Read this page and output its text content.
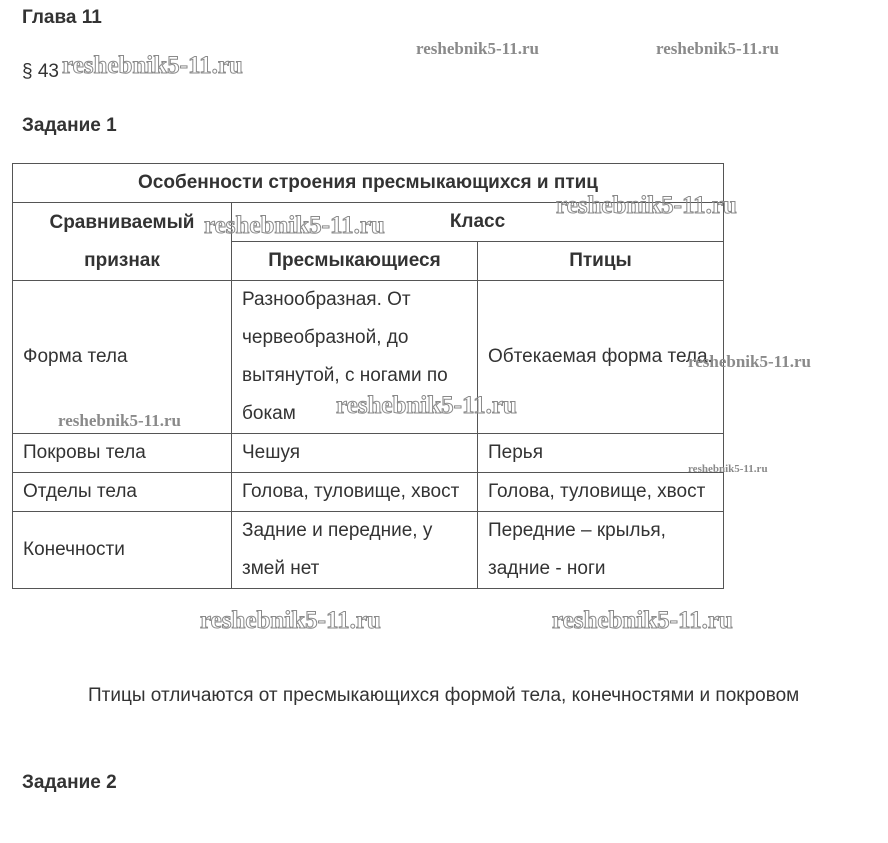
Глава 11
§ 43
Задание 1
Особенности строения пресмыкающихся и птиц		
Сравниваемый признак	Класс	
	Пресмыкающиеся	Птицы
Форма тела	Разнообразная. От червеобразной, до вытянутой, с ногами по бокам	Обтекаемая форма тела.
Покровы тела	Чешуя	Перья
Отделы тела	Голова, туловище, хвост	Голова, туловище, хвост
Конечности	Задние и передние, у змей нет	Передние – крылья, задние - ноги
Птицы отличаются от пресмыкающихся формой тела, конечностями и покровом
Задание 2
reshebnik5-11.ru
reshebnik5-11.ru	reshebnik5-11.ru
reshebnik5-11.ru
reshebnik5-11.ru
reshebnik5-11.ru
reshebnik5-11.ru
reshebnik5-11.ru
reshebnik5-11.ru
reshebnik5-11.ru	reshebnik5-11.ru
